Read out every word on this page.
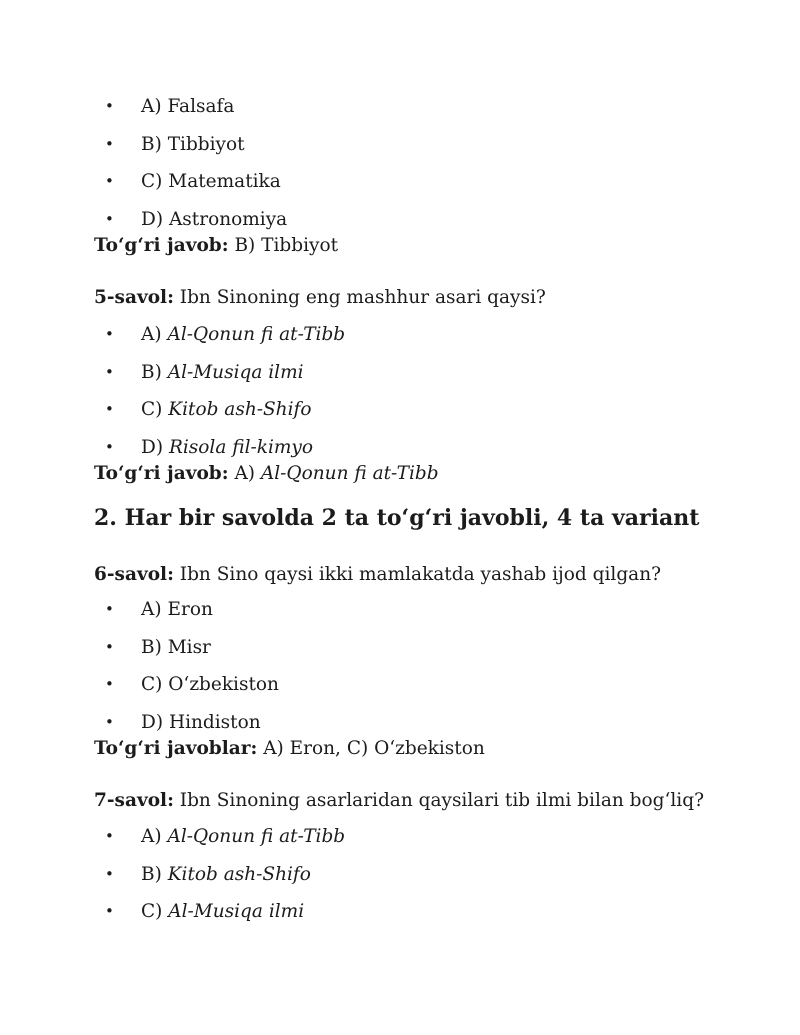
• A) Falsafa
• B) Tibbiyot
• C) Matematika
• D) Astronomiya
To‘g‘ri javob: B) Tibbiyot
5-savol: Ibn Sinoning eng mashhur asari qaysi?
• A) Al-Qonun fi at-Tibb
• B) Al-Musiqa ilmi
• C) Kitob ash-Shifo
• D) Risola fil-kimyo
To‘g‘ri javob: A) Al-Qonun fi at-Tibb
2. Har bir savolda 2 ta to‘g‘ri javobli, 4 ta variant
6-savol: Ibn Sino qaysi ikki mamlakatda yashab ijod qilgan?
• A) Eron
• B) Misr
• C) O‘zbekiston
• D) Hindiston
To‘g‘ri javoblar: A) Eron, C) O‘zbekiston
7-savol: Ibn Sinoning asarlaridan qaysilari tib ilmi bilan bog‘liq?
• A) Al-Qonun fi at-Tibb
• B) Kitob ash-Shifo
• C) Al-Musiqa ilmi
